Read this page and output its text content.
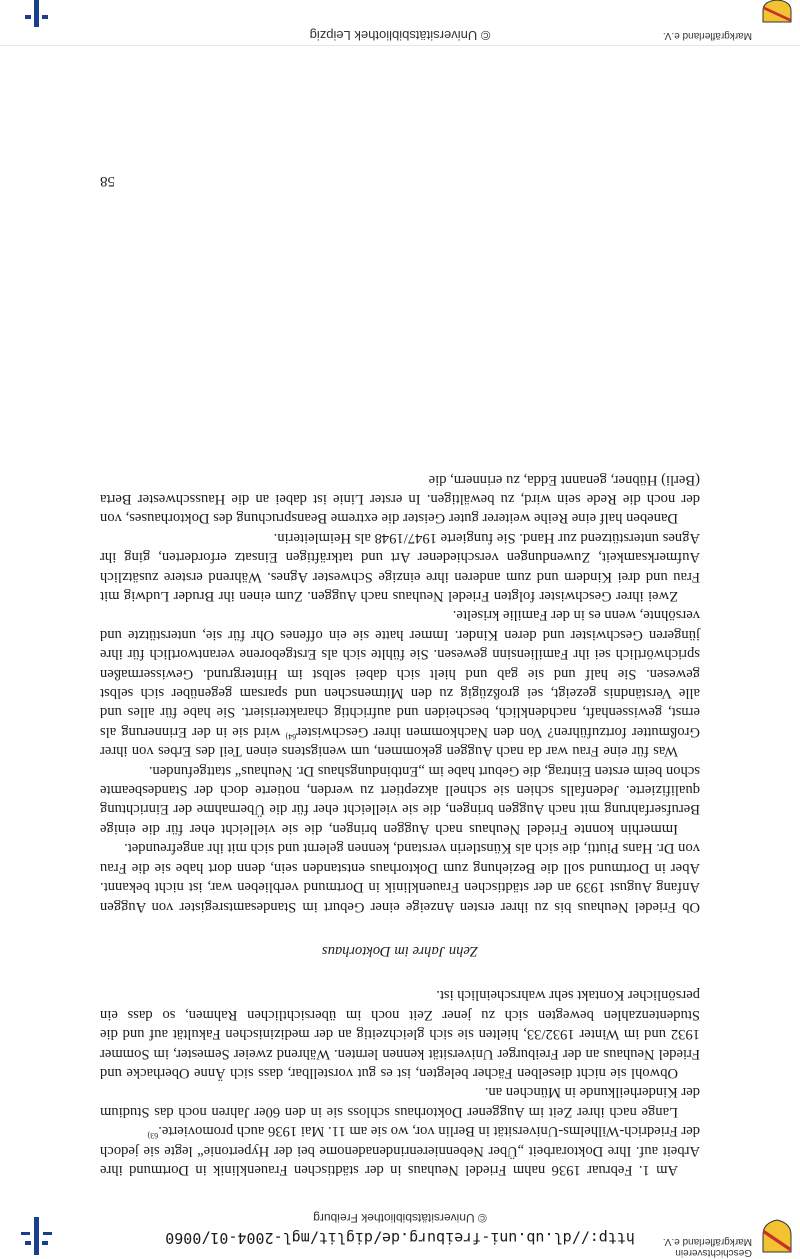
http://dl.ub.uni-freiburg.de/diglit/mgl-2004-01/0060
© Universitätsbibliothek Freiburg
Geschichtsverein
Markgräflerland e.V.

Am 1. Februar 1936 nahm Friedel Neuhaus in der städtischen Frauenklinik in Dortmund ihre Arbeit auf. Ihre Doktorarbeit „Über Nebennierenrindenadenome bei der Hypertonie“ legte sie jedoch der Friedrich-Wilhelms-Universität in Berlin vor, wo sie am 11. Mai 1936 auch promovierte.$^{63)}$

Lange nach ihrer Zeit im Auggener Doktorhaus schloss sie in den 60er Jahren noch das Studium der Kinderheilkunde in München an.

Obwohl sie nicht dieselben Fächer belegten, ist es gut vorstellbar, dass sich Änne Oberhacke und Friedel Neuhaus an der Freiburger Universität kennen lernten. Während zweier Semester, im Sommer 1932 und im Winter 1932/33, hielten sie sich gleichzeitig an der medizinischen Fakultät auf und die Studentenzahlen bewegten sich zu jener Zeit noch im übersichtlichen Rahmen, so dass ein persönlicher Kontakt sehr wahrscheinlich ist.

Zehn Jahre im Doktorhaus

Ob Friedel Neuhaus bis zu ihrer ersten Anzeige einer Geburt im Standesamtsregister von Auggen Anfang August 1939 an der städtischen Frauenklinik in Dortmund verblieben war, ist nicht bekannt. Aber in Dortmund soll die Beziehung zum Doktorhaus entstanden sein, denn dort habe sie die Frau von Dr. Hans Piutti, die sich als Künstlerin verstand, kennen gelernt und sich mit ihr angefreundet.

Immerhin konnte Friedel Neuhaus nach Auggen bringen, die sie vielleicht eher für die einige Berufserfahrung mit nach Auggen bringen, die sie vielleicht eher für die Übernahme der Einrichtung qualifizierte. Jedenfalls schien sie schnell akzeptiert zu werden, notierte doch der Standesbeamte schon beim ersten Eintrag, die Geburt habe im „Entbindungshaus Dr. Neuhaus“ stattgefunden.

Was für eine Frau war da nach Auggen gekommen, um wenigstens einen Teil des Erbes von ihrer Großmutter fortzuführen? Von den Nachkommen ihrer Geschwister$^{64)}$ wird sie in der Erinnerung als ernst, gewissenhaft, nachdenklich, bescheiden und aufrichtig charakterisiert. Sie habe für alles und alle Verständnis gezeigt, sei großzügig zu den Mitmenschen und sparsam gegenüber sich selbst gewesen. Sie half und sie gab und hielt sich dabei selbst im Hintergrund. Gewissermaßen sprichwörtlich sei ihr Familiensinn gewesen. Sie fühlte sich als Erstgeborene verantwortlich für ihre jüngeren Geschwister und deren Kinder. Immer hatte sie ein offenes Ohr für sie, unterstützte und versöhnte, wenn es in der Familie kriselte.

Zwei ihrer Geschwister folgten Friedel Neuhaus nach Auggen. Zum einen ihr Bruder Ludwig mit Frau und drei Kindern und zum anderen ihre einzige Schwester Agnes. Während erstere zusätzlich Aufmerksamkeit, Zuwendungen verschiedener Art und tatkräftigen Einsatz erforderten, ging ihr Agnes unterstützend zur Hand. Sie fungierte 1947/1948 als Heimleiterin.

Daneben half eine Reihe weiterer guter Geister die extreme Beanspruchung des Doktorhauses, von der noch die Rede sein wird, zu bewältigen. In erster Linie ist dabei an die Hausschwester Berta (Berli) Hübner, genannt Edda, zu erinnern, die

58
© Universitätsbibliothek Leipzig	Markgräflerland e.V.
